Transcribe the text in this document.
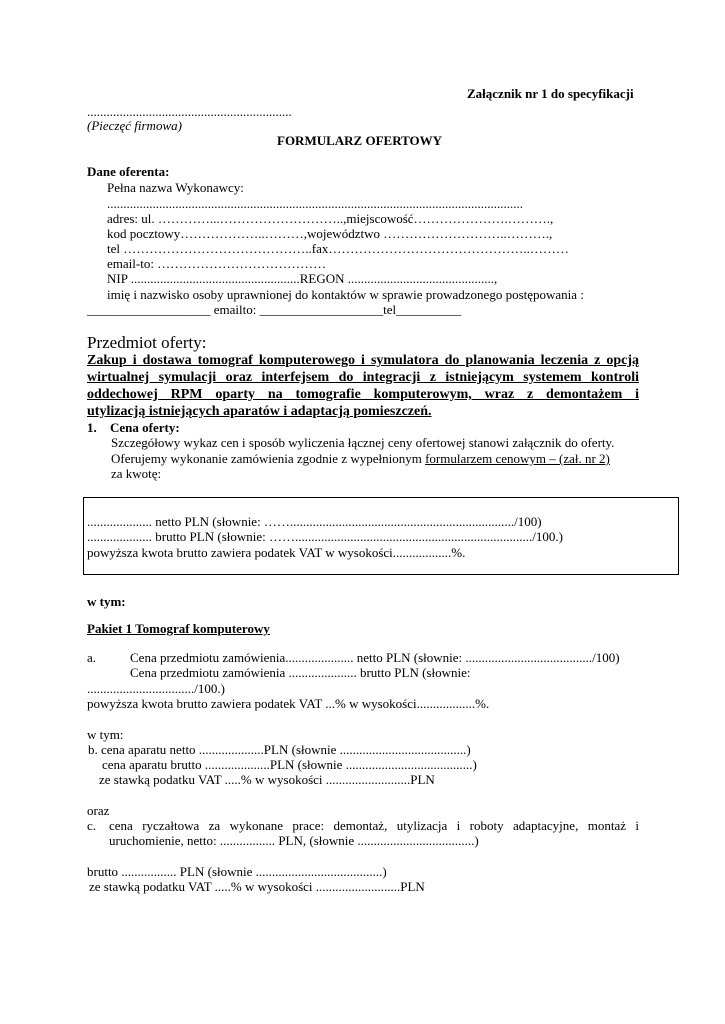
Załącznik nr 1 do specyfikacji
...............................................................
(Pieczęć firmowa)
FORMULARZ OFERTOWY
Dane oferenta:
Pełna nazwa Wykonawcy:
................................................................................................................................
adres: ul. …………...………………………..,miejscowość………………….……….,
kod pocztowy………………..………,województwo ………………………..……….,
tel ……………………………………..fax………………………………………..………
email-to: …………………………………
NIP ....................................................REGON .............................................,
imię i nazwisko osoby uprawnionej do kontaktów w sprawie prowadzonego postępowania :
___________________ emailto: ___________________tel__________
Przedmiot oferty:
Zakup i dostawa tomograf komputerowego i symulatora do planowania leczenia z opcją
wirtualnej symulacji oraz interfejsem do integracji z istniejącym systemem kontroli
oddechowej RPM oparty na tomografie komputerowym, wraz z demontażem i
utylizacją istniejących aparatów i adaptacją pomieszczeń.
1. Cena oferty:
Szczegółowy wykaz cen i sposób wyliczenia łącznej ceny ofertowej stanowi załącznik do oferty.
Oferujemy wykonanie zamówienia zgodnie z wypełnionym formularzem cenowym – (zał. nr 2)
za kwotę:
.................... netto PLN (słownie: ……...................................................................../100)
.................... brutto PLN (słownie: ……........................................................................./100.)
powyższa kwota brutto zawiera podatek VAT w wysokości..................%.
w tym:
Pakiet 1 Tomograf komputerowy
a.	Cena przedmiotu zamówienia..................... netto PLN (słownie: ......................................./100)
Cena przedmiotu zamówienia ..................... brutto PLN (słownie:
................................./100.)
powyższa kwota brutto zawiera podatek VAT ...% w wysokości..................%.
w tym:
b. cena aparatu netto ....................PLN (słownie .......................................)
cena aparatu brutto ....................PLN (słownie .......................................)
ze stawką podatku VAT .....% w wysokości ..........................PLN
oraz
c. cena ryczałtowa za wykonane prace: demontaż, utylizacja i roboty adaptacyjne, montaż i
uruchomienie, netto: ................. PLN, (słownie ....................................)
brutto ................. PLN (słownie .......................................)
ze stawką podatku VAT .....% w wysokości ..........................PLN
